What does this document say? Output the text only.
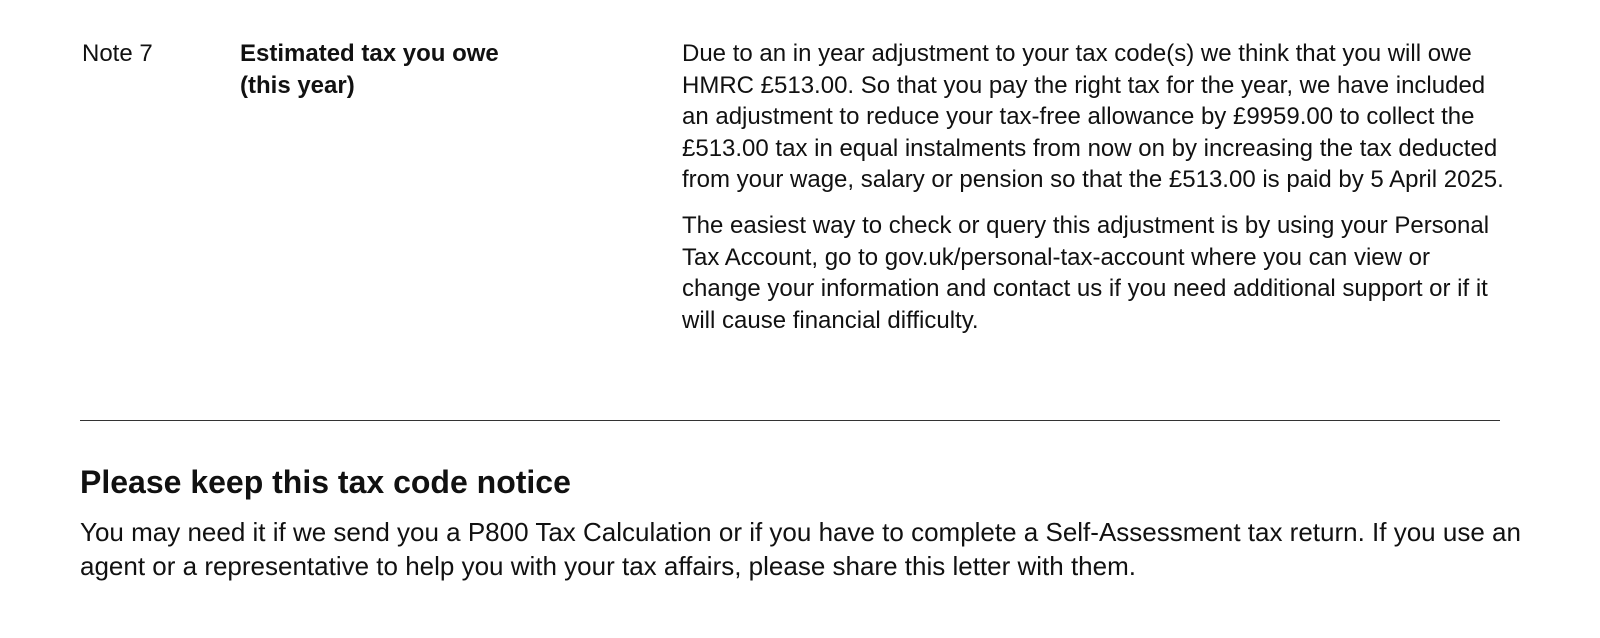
Note 7	Estimated tax you owe
(this year)

Due to an in year adjustment to your tax code(s) we think that you will owe HMRC £513.00. So that you pay the right tax for the year, we have included an adjustment to reduce your tax-free allowance by £9959.00 to collect the £513.00 tax in equal instalments from now on by increasing the tax deducted from your wage, salary or pension so that the £513.00 is paid by 5 April 2025.

The easiest way to check or query this adjustment is by using your Personal Tax Account, go to gov.uk/personal-tax-account where you can view or change your information and contact us if you need additional support or if it will cause financial difficulty.

Please keep this tax code notice

You may need it if we send you a P800 Tax Calculation or if you have to complete a Self-Assessment tax return. If you use an agent or a representative to help you with your tax affairs, please share this letter with them.
